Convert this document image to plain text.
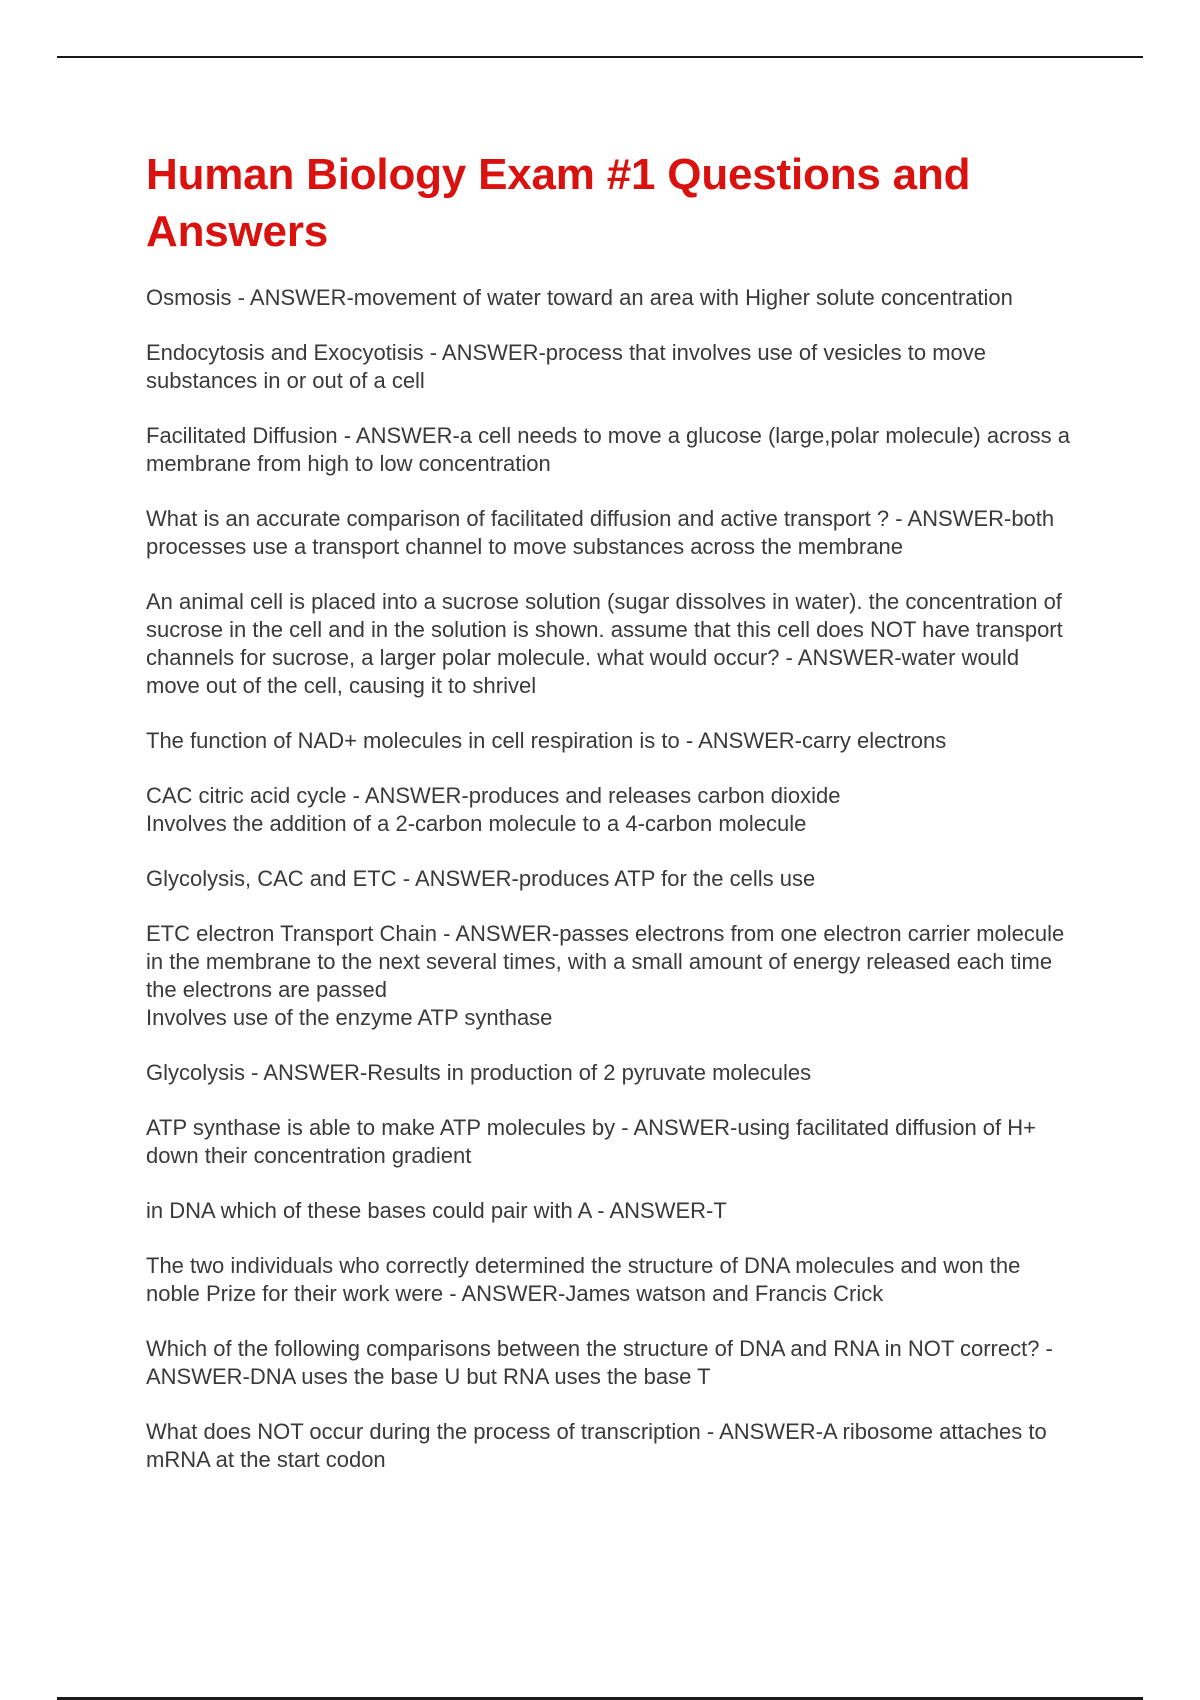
Human Biology Exam #1 Questions and Answers

Osmosis - ANSWER-movement of water toward an area with Higher solute concentration

Endocytosis and Exocyotisis - ANSWER-process that involves use of vesicles to move substances in or out of a cell

Facilitated Diffusion - ANSWER-a cell needs to move a glucose (large,polar molecule) across a membrane from high to low concentration

What is an accurate comparison of facilitated diffusion and active transport ? - ANSWER-both processes use a transport channel to move substances across the membrane

An animal cell is placed into a sucrose solution (sugar dissolves in water). the concentration of sucrose in the cell and in the solution is shown. assume that this cell does NOT have transport channels for sucrose, a larger polar molecule. what would occur? - ANSWER-water would move out of the cell, causing it to shrivel

The function of NAD+ molecules in cell respiration is to - ANSWER-carry electrons

CAC citric acid cycle - ANSWER-produces and releases carbon dioxide
Involves the addition of a 2-carbon molecule to a 4-carbon molecule

Glycolysis, CAC and ETC - ANSWER-produces ATP for the cells use

ETC electron Transport Chain - ANSWER-passes electrons from one electron carrier molecule in the membrane to the next several times, with a small amount of energy released each time the electrons are passed
Involves use of the enzyme ATP synthase

Glycolysis - ANSWER-Results in production of 2 pyruvate molecules

ATP synthase is able to make ATP molecules by - ANSWER-using facilitated diffusion of H+ down their concentration gradient

in DNA which of these bases could pair with A - ANSWER-T

The two individuals who correctly determined the structure of DNA molecules and won the noble Prize for their work were - ANSWER-James watson and Francis Crick

Which of the following comparisons between the structure of DNA and RNA in NOT correct? - ANSWER-DNA uses the base U but RNA uses the base T

What does NOT occur during the process of transcription - ANSWER-A ribosome attaches to mRNA at the start codon
